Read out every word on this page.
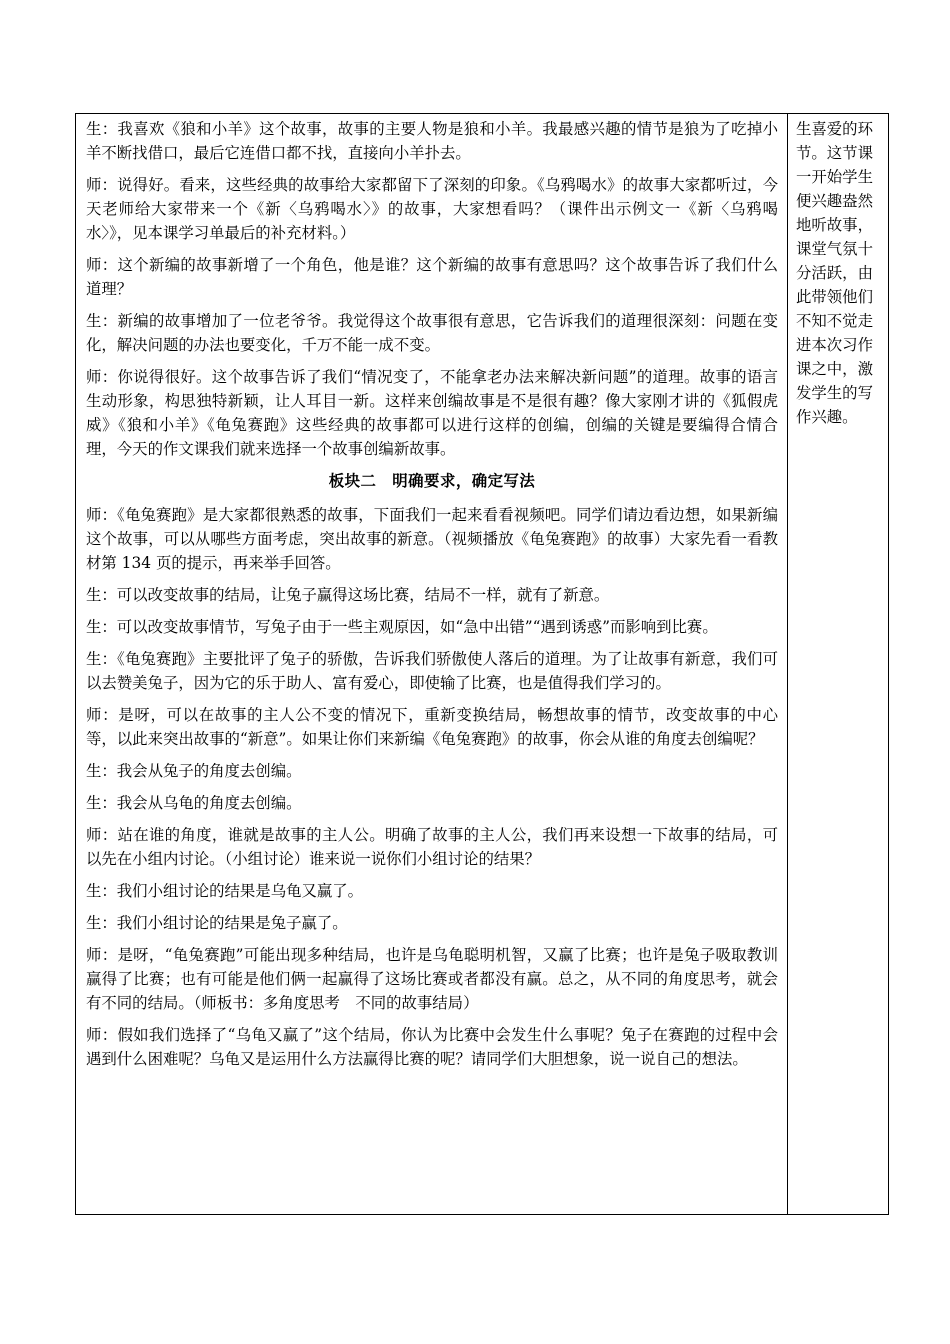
生：我喜欢《狼和小羊》这个故事，故事的主要人物是狼和小羊。我最感兴趣的情节是狼为了吃掉小羊不断找借口，最后它连借口都不找，直接向小羊扑去。

师：说得好。看来，这些经典的故事给大家都留下了深刻的印象。《乌鸦喝水》的故事大家都听过，今天老师给大家带来一个《新〈乌鸦喝水〉》的故事，大家想看吗？（课件出示例文一《新〈乌鸦喝水〉》，见本课学习单最后的补充材料。）

师：这个新编的故事新增了一个角色，他是谁？这个新编的故事有意思吗？这个故事告诉了我们什么道理？

生：新编的故事增加了一位老爷爷。我觉得这个故事很有意思，它告诉我们的道理很深刻：问题在变化，解决问题的办法也要变化，千万不能一成不变。

师：你说得很好。这个故事告诉了我们“情况变了，不能拿老办法来解决新问题”的道理。故事的语言生动形象，构思独特新颖，让人耳目一新。这样来创编故事是不是很有趣？像大家刚才讲的《狐假虎威》《狼和小羊》《龟兔赛跑》这些经典的故事都可以进行这样的创编，创编的关键是要编得合情合理，今天的作文课我们就来选择一个故事创编新故事。

板块二　明确要求，确定写法

师：《龟兔赛跑》是大家都很熟悉的故事，下面我们一起来看看视频吧。同学们请边看边想，如果新编这个故事，可以从哪些方面考虑，突出故事的新意。（视频播放《龟兔赛跑》的故事）大家先看一看教材第 134 页的提示，再来举手回答。

生：可以改变故事的结局，让兔子赢得这场比赛，结局不一样，就有了新意。

生：可以改变故事情节，写兔子由于一些主观原因，如“急中出错”“遇到诱惑”而影响到比赛。

生：《龟兔赛跑》主要批评了兔子的骄傲，告诉我们骄傲使人落后的道理。为了让故事有新意，我们可以去赞美兔子，因为它的乐于助人、富有爱心，即使输了比赛，也是值得我们学习的。

师：是呀，可以在故事的主人公不变的情况下，重新变换结局，畅想故事的情节，改变故事的中心等，以此来突出故事的“新意”。如果让你们来新编《龟兔赛跑》的故事，你会从谁的角度去创编呢？

生：我会从兔子的角度去创编。

生：我会从乌龟的角度去创编。

师：站在谁的角度，谁就是故事的主人公。明确了故事的主人公，我们再来设想一下故事的结局，可以先在小组内讨论。（小组讨论）谁来说一说你们小组讨论的结果？

生：我们小组讨论的结果是乌龟又赢了。

生：我们小组讨论的结果是兔子赢了。

师：是呀，“龟兔赛跑”可能出现多种结局，也许是乌龟聪明机智，又赢了比赛；也许是兔子吸取教训赢得了比赛；也有可能是他们俩一起赢得了这场比赛或者都没有赢。总之，从不同的角度思考，就会有不同的结局。（师板书：多角度思考　不同的故事结局）

师：假如我们选择了“乌龟又赢了”这个结局，你认为比赛中会发生什么事呢？兔子在赛跑的过程中会遇到什么困难呢？乌龟又是运用什么方法赢得比赛的呢？请同学们大胆想象，说一说自己的想法。

生喜爱的环节。这节课一开始学生便兴趣盎然地听故事，课堂气氛十分活跃，由此带领他们不知不觉走进本次习作课之中，激发学生的写作兴趣。
